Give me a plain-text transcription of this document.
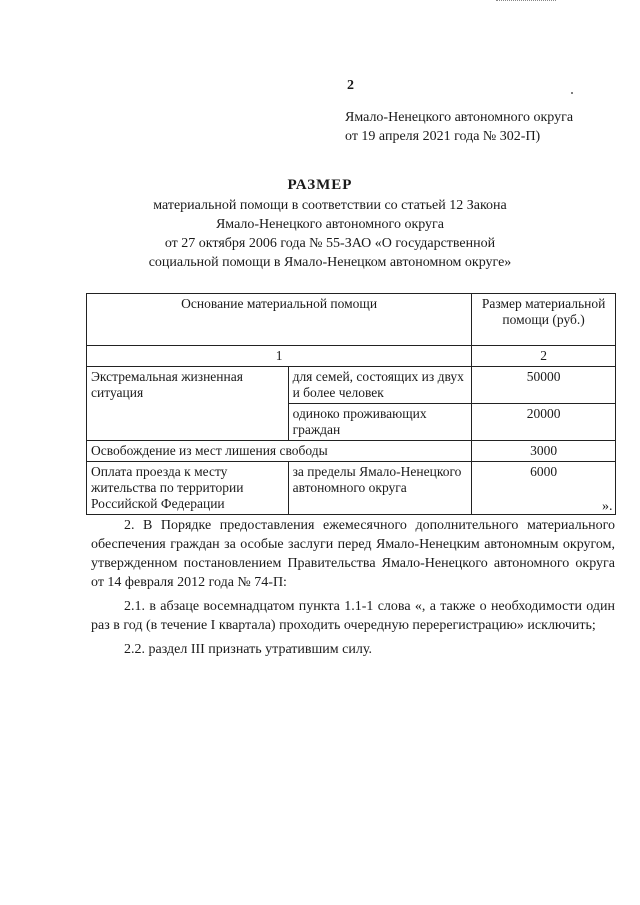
2
Ямало-Ненецкого автономного округа
от 19 апреля 2021 года № 302-П)
РАЗМЕР
материальной помощи в соответствии со статьей 12 Закона
Ямало-Ненецкого автономного округа
от 27 октября 2006 года № 55-ЗАО «О государственной
социальной помощи в Ямало-Ненецком автономном округе»
Основание материальной помощи		Размер материальной помощи (руб.)
1		2
Экстремальная жизненная ситуация	для семей, состоящих из двух и более человек	50000
	одиноко проживающих граждан	20000
Освобождение из мест лишения свободы		3000
Оплата проезда к месту жительства по территории Российской Федерации	за пределы Ямало-Ненецкого автономного округа	6000
».

2. В Порядке предоставления ежемесячного дополнительного материального обеспечения граждан за особые заслуги перед Ямало-Ненецким автономным округом, утвержденном постановлением Правительства Ямало-Ненецкого автономного округа от 14 февраля 2012 года № 74-П:

2.1. в абзаце восемнадцатом пункта 1.1-1 слова «, а также о необходимости один раз в год (в течение I квартала) проходить очередную перерегистрацию» исключить;

2.2. раздел III признать утратившим силу.
